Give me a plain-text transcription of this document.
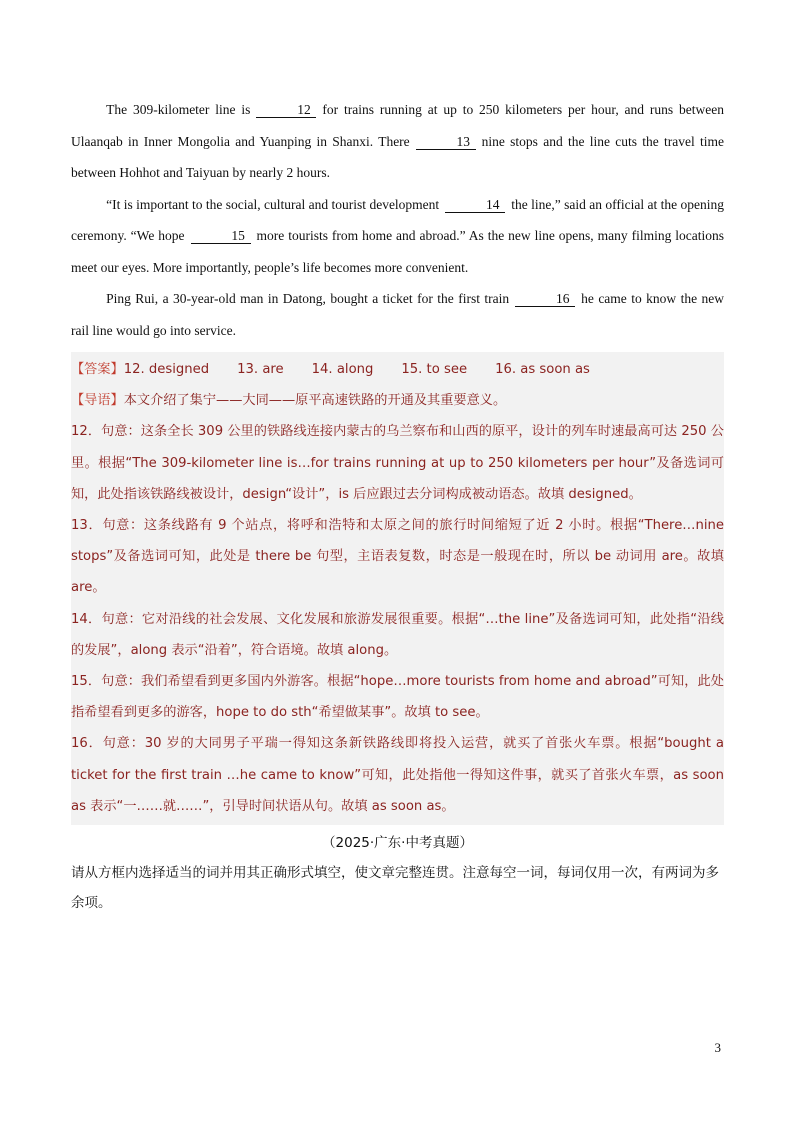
The 309-kilometer line is	12 for trains running at up to 250 kilometers per hour, and runs between Ulaanqab in Inner Mongolia and Yuanping in Shanxi. There	13 nine stops and the line cuts the travel time between Hohhot and Taiyuan by nearly 2 hours.

“It is important to the social, cultural and tourist development	14 the line,” said an official at the opening ceremony. “We hope	15 more tourists from home and abroad.” As the new line opens, many filming locations meet our eyes. More importantly, people’s life becomes more convenient.

Ping Rui, a 30-year-old man in Datong, bought a ticket for the first train	16 he came to know the new rail line would go into service.

【答案】12. designed 13. are 14. along 15. to see 16. as soon as

【导语】本文介绍了集宁——大同——原平高速铁路的开通及其重要意义。

12．句意：这条全长 309 公里的铁路线连接内蒙古的乌兰察布和山西的原平，设计的列车时速最高可达 250 公里。根据“The 309-kilometer line is…for trains running at up to 250 kilometers per hour”及备选词可知，此处指该铁路线被设计，design“设计”，is 后应跟过去分词构成被动语态。故填 designed。

13．句意：这条线路有 9 个站点，将呼和浩特和太原之间的旅行时间缩短了近 2 小时。根据“There…nine stops”及备选词可知，此处是 there be 句型，主语表复数，时态是一般现在时，所以 be 动词用 are。故填 are。

14．句意：它对沿线的社会发展、文化发展和旅游发展很重要。根据“…the line”及备选词可知，此处指“沿线的发展”，along 表示“沿着”，符合语境。故填 along。

15．句意：我们希望看到更多国内外游客。根据“hope…more tourists from home and abroad”可知，此处指希望看到更多的游客，hope to do sth“希望做某事”。故填 to see。

16．句意：30 岁的大同男子平瑞一得知这条新铁路线即将投入运营，就买了首张火车票。根据“bought a ticket for the first train …he came to know”可知，此处指他一得知这件事，就买了首张火车票，as soon as 表示“一……就……”，引导时间状语从句。故填 as soon as。

（2025·广东·中考真题）

请从方框内选择适当的词并用其正确形式填空，使文章完整连贯。注意每空一词，每词仅用一次，有两词为多余项。

3
